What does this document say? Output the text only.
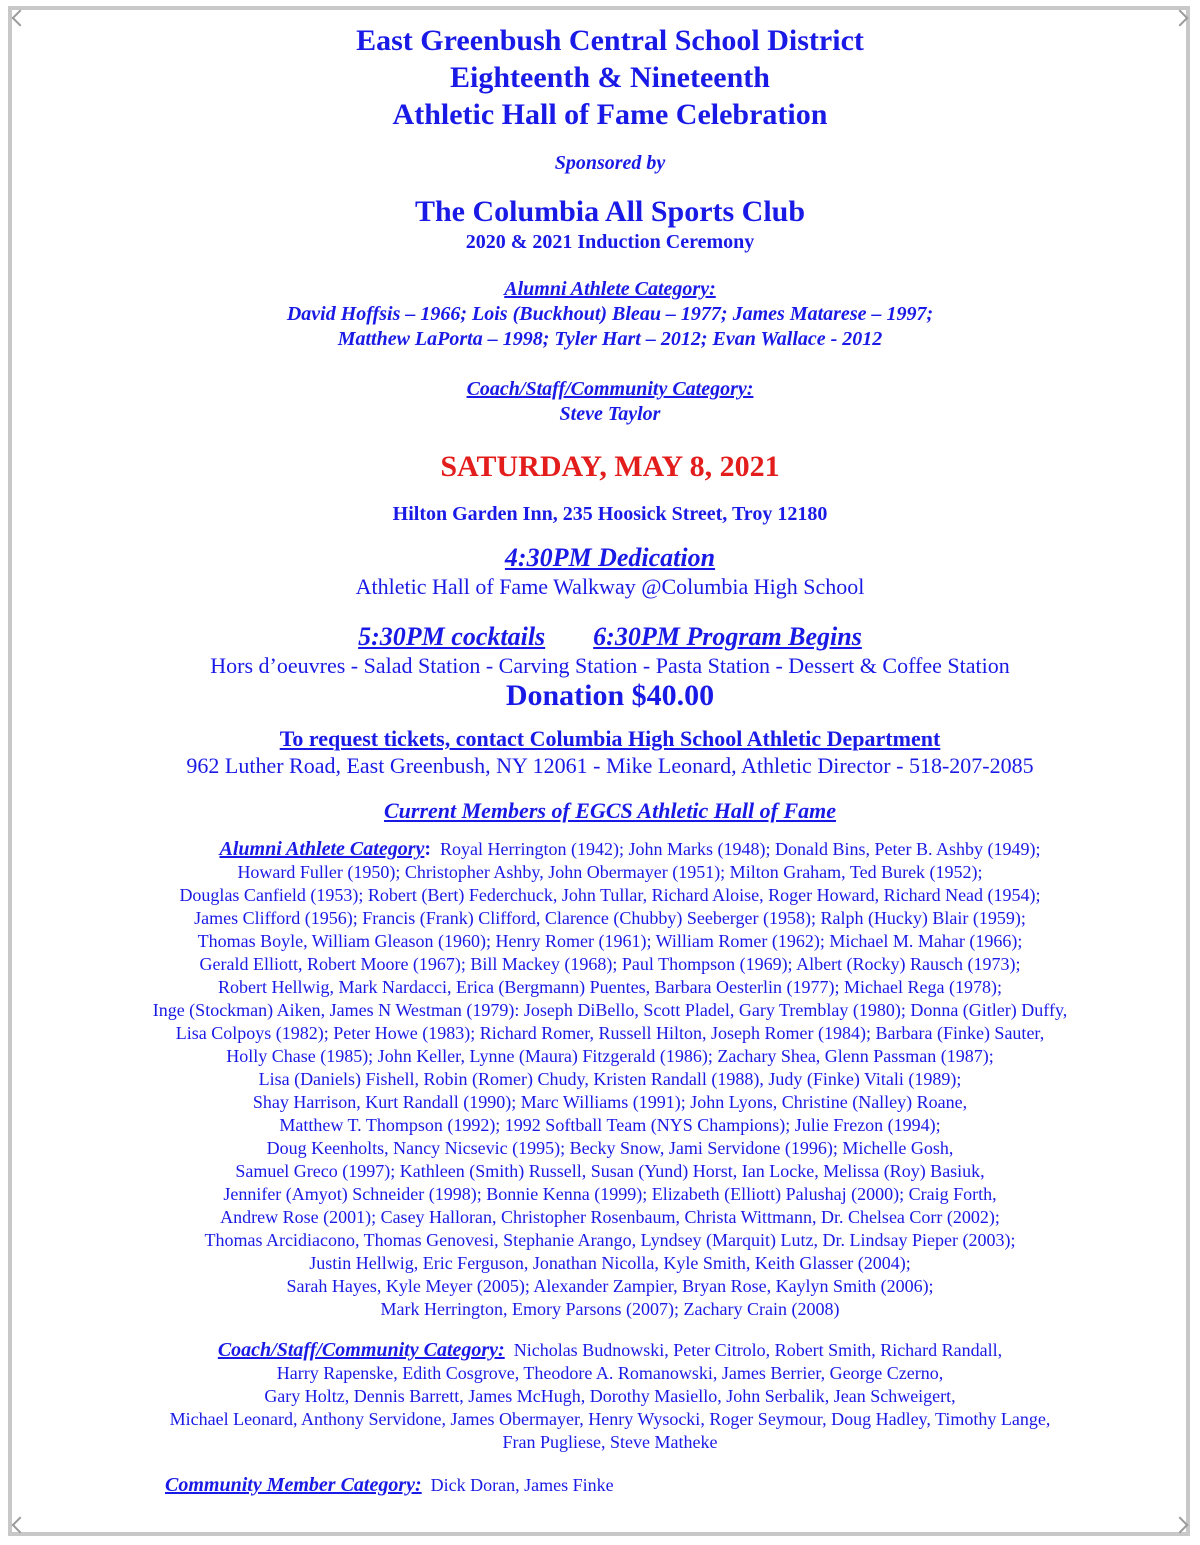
East Greenbush Central School District
Eighteenth & Nineteenth
Athletic Hall of Fame Celebration
Sponsored by
The Columbia All Sports Club
2020 & 2021 Induction Ceremony
Alumni Athlete Category:
David Hoffsis – 1966; Lois (Buckhout) Bleau – 1977; James Matarese – 1997;
Matthew LaPorta – 1998; Tyler Hart – 2012; Evan Wallace - 2012
Coach/Staff/Community Category:
Steve Taylor
SATURDAY, MAY 8, 2021
Hilton Garden Inn, 235 Hoosick Street, Troy 12180
4:30PM Dedication
Athletic Hall of Fame Walkway @Columbia High School
5:30PM cocktails 6:30PM Program Begins
Hors d’oeuvres - Salad Station - Carving Station - Pasta Station - Dessert & Coffee Station
Donation $40.00
To request tickets, contact Columbia High School Athletic Department
962 Luther Road, East Greenbush, NY 12061 - Mike Leonard, Athletic Director - 518-207-2085
Current Members of EGCS Athletic Hall of Fame
Alumni Athlete Category: Royal Herrington (1942); John Marks (1948); Donald Bins, Peter B. Ashby (1949);
Howard Fuller (1950); Christopher Ashby, John Obermayer (1951); Milton Graham, Ted Burek (1952);
Douglas Canfield (1953); Robert (Bert) Federchuck, John Tullar, Richard Aloise, Roger Howard, Richard Nead (1954);
James Clifford (1956); Francis (Frank) Clifford, Clarence (Chubby) Seeberger (1958); Ralph (Hucky) Blair (1959);
Thomas Boyle, William Gleason (1960); Henry Romer (1961); William Romer (1962); Michael M. Mahar (1966);
Gerald Elliott, Robert Moore (1967); Bill Mackey (1968); Paul Thompson (1969); Albert (Rocky) Rausch (1973);
Robert Hellwig, Mark Nardacci, Erica (Bergmann) Puentes, Barbara Oesterlin (1977); Michael Rega (1978);
Inge (Stockman) Aiken, James N Westman (1979): Joseph DiBello, Scott Pladel, Gary Tremblay (1980); Donna (Gitler) Duffy,
Lisa Colpoys (1982); Peter Howe (1983); Richard Romer, Russell Hilton, Joseph Romer (1984); Barbara (Finke) Sauter,
Holly Chase (1985); John Keller, Lynne (Maura) Fitzgerald (1986); Zachary Shea, Glenn Passman (1987);
Lisa (Daniels) Fishell, Robin (Romer) Chudy, Kristen Randall (1988), Judy (Finke) Vitali (1989);
Shay Harrison, Kurt Randall (1990); Marc Williams (1991); John Lyons, Christine (Nalley) Roane,
Matthew T. Thompson (1992); 1992 Softball Team (NYS Champions); Julie Frezon (1994);
Doug Keenholts, Nancy Nicsevic (1995); Becky Snow, Jami Servidone (1996); Michelle Gosh,
Samuel Greco (1997); Kathleen (Smith) Russell, Susan (Yund) Horst, Ian Locke, Melissa (Roy) Basiuk,
Jennifer (Amyot) Schneider (1998); Bonnie Kenna (1999); Elizabeth (Elliott) Palushaj (2000); Craig Forth,
Andrew Rose (2001); Casey Halloran, Christopher Rosenbaum, Christa Wittmann, Dr. Chelsea Corr (2002);
Thomas Arcidiacono, Thomas Genovesi, Stephanie Arango, Lyndsey (Marquit) Lutz, Dr. Lindsay Pieper (2003);
Justin Hellwig, Eric Ferguson, Jonathan Nicolla, Kyle Smith, Keith Glasser (2004);
Sarah Hayes, Kyle Meyer (2005); Alexander Zampier, Bryan Rose, Kaylyn Smith (2006);
Mark Herrington, Emory Parsons (2007); Zachary Crain (2008)
Coach/Staff/Community Category: Nicholas Budnowski, Peter Citrolo, Robert Smith, Richard Randall,
Harry Rapenske, Edith Cosgrove, Theodore A. Romanowski, James Berrier, George Czerno,
Gary Holtz, Dennis Barrett, James McHugh, Dorothy Masiello, John Serbalik, Jean Schweigert,
Michael Leonard, Anthony Servidone, James Obermayer, Henry Wysocki, Roger Seymour, Doug Hadley, Timothy Lange,
Fran Pugliese, Steve Matheke
Community Member Category: Dick Doran, James Finke
